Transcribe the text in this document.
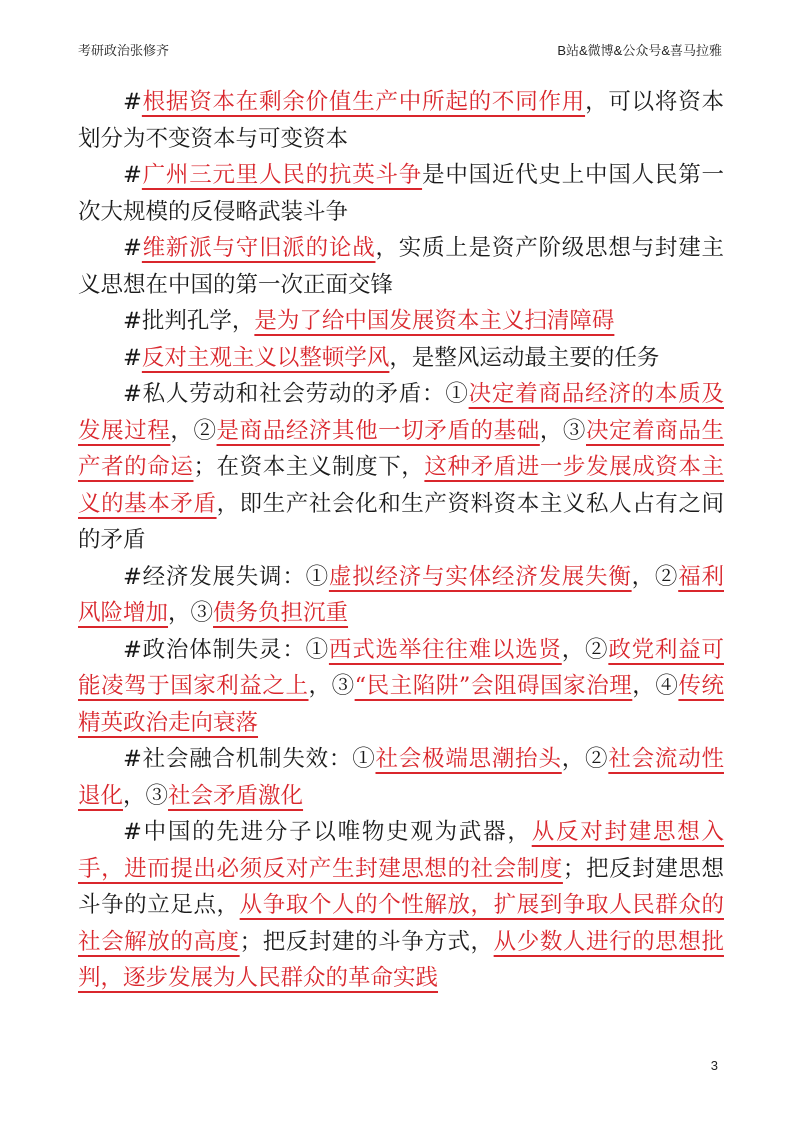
考研政治张修齐	B站&微博&公众号&喜马拉雅

#根据资本在剩余价值生产中所起的不同作用，可以将资本划分为不变资本与可变资本

#广州三元里人民的抗英斗争是中国近代史上中国人民第一次大规模的反侵略武装斗争

#维新派与守旧派的论战，实质上是资产阶级思想与封建主义思想在中国的第一次正面交锋

#批判孔学，是为了给中国发展资本主义扫清障碍

#反对主观主义以整顿学风，是整风运动最主要的任务

#私人劳动和社会劳动的矛盾：①决定着商品经济的本质及发展过程，②是商品经济其他一切矛盾的基础，③决定着商品生产者的命运；在资本主义制度下，这种矛盾进一步发展成资本主义的基本矛盾，即生产社会化和生产资料资本主义私人占有之间的矛盾

#经济发展失调：①虚拟经济与实体经济发展失衡，②福利风险增加，③债务负担沉重

#政治体制失灵：①西式选举往往难以选贤，②政党利益可能凌驾于国家利益之上，③“民主陷阱”会阻碍国家治理，④传统精英政治走向衰落

#社会融合机制失效：①社会极端思潮抬头，②社会流动性退化，③社会矛盾激化

#中国的先进分子以唯物史观为武器，从反对封建思想入手，进而提出必须反对产生封建思想的社会制度；把反封建思想斗争的立足点，从争取个人的个性解放，扩展到争取人民群众的社会解放的高度；把反封建的斗争方式，从少数人进行的思想批判，逐步发展为人民群众的革命实践

3
